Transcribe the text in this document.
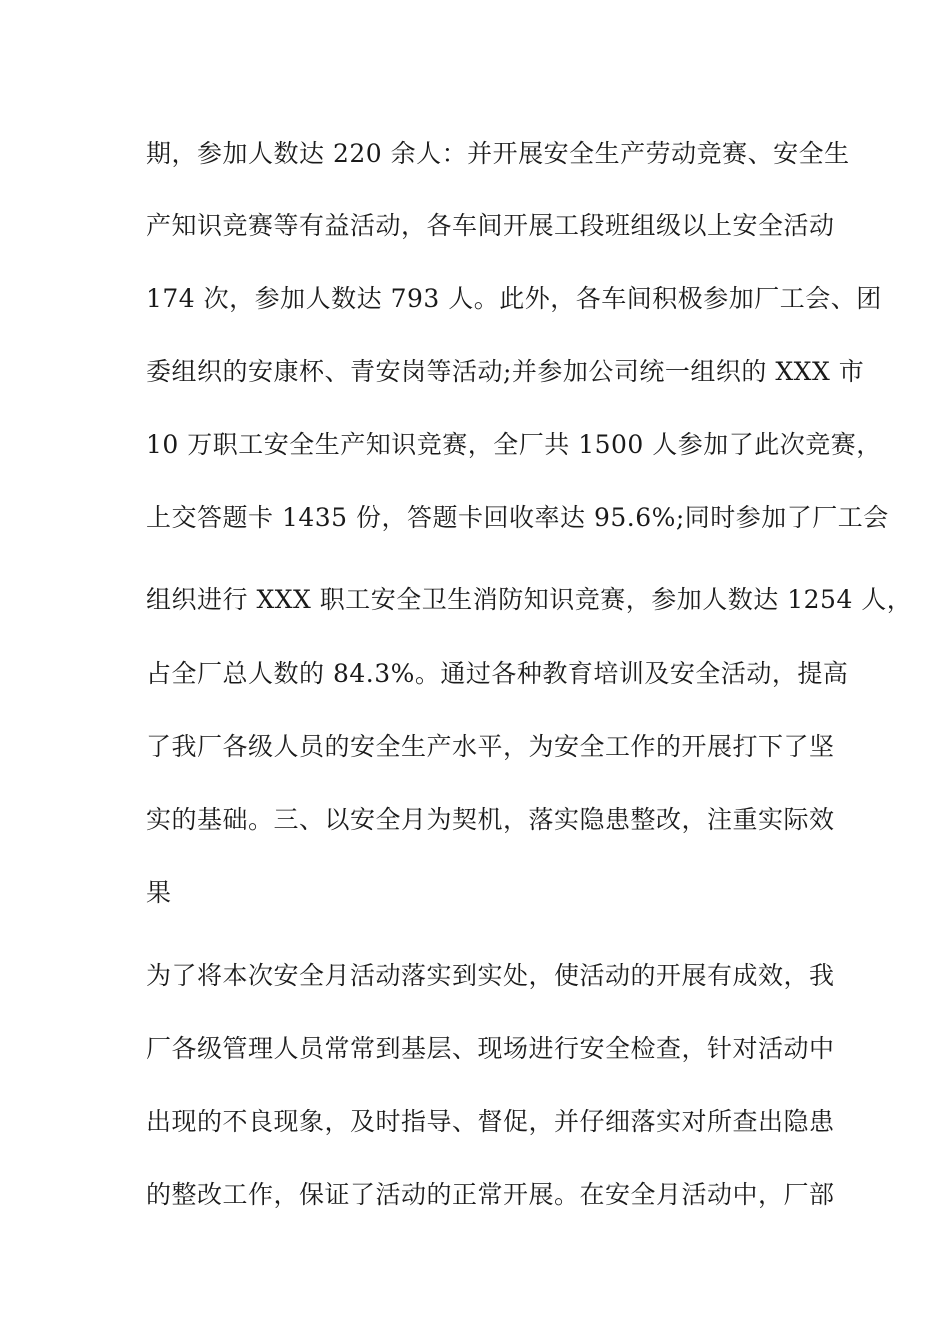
期，参加人数达 220 余人：并开展安全生产劳动竞赛、安全生
产知识竞赛等有益活动，各车间开展工段班组级以上安全活动
174 次，参加人数达 793 人。此外，各车间积极参加厂工会、团
委组织的安康杯、青安岗等活动;并参加公司统一组织的 XXX 市
10 万职工安全生产知识竞赛，全厂共 1500 人参加了此次竞赛，
上交答题卡 1435 份，答题卡回收率达 95.6%;同时参加了厂工会
组织进行 XXX 职工安全卫生消防知识竞赛，参加人数达 1254 人，
占全厂总人数的 84.3%。通过各种教育培训及安全活动，提高
了我厂各级人员的安全生产水平，为安全工作的开展打下了坚
实的基础。三、以安全月为契机，落实隐患整改，注重实际效
果
为了将本次安全月活动落实到实处，使活动的开展有成效，我
厂各级管理人员常常到基层、现场进行安全检查，针对活动中
出现的不良现象，及时指导、督促，并仔细落实对所查出隐患
的整改工作，保证了活动的正常开展。在安全月活动中，厂部
